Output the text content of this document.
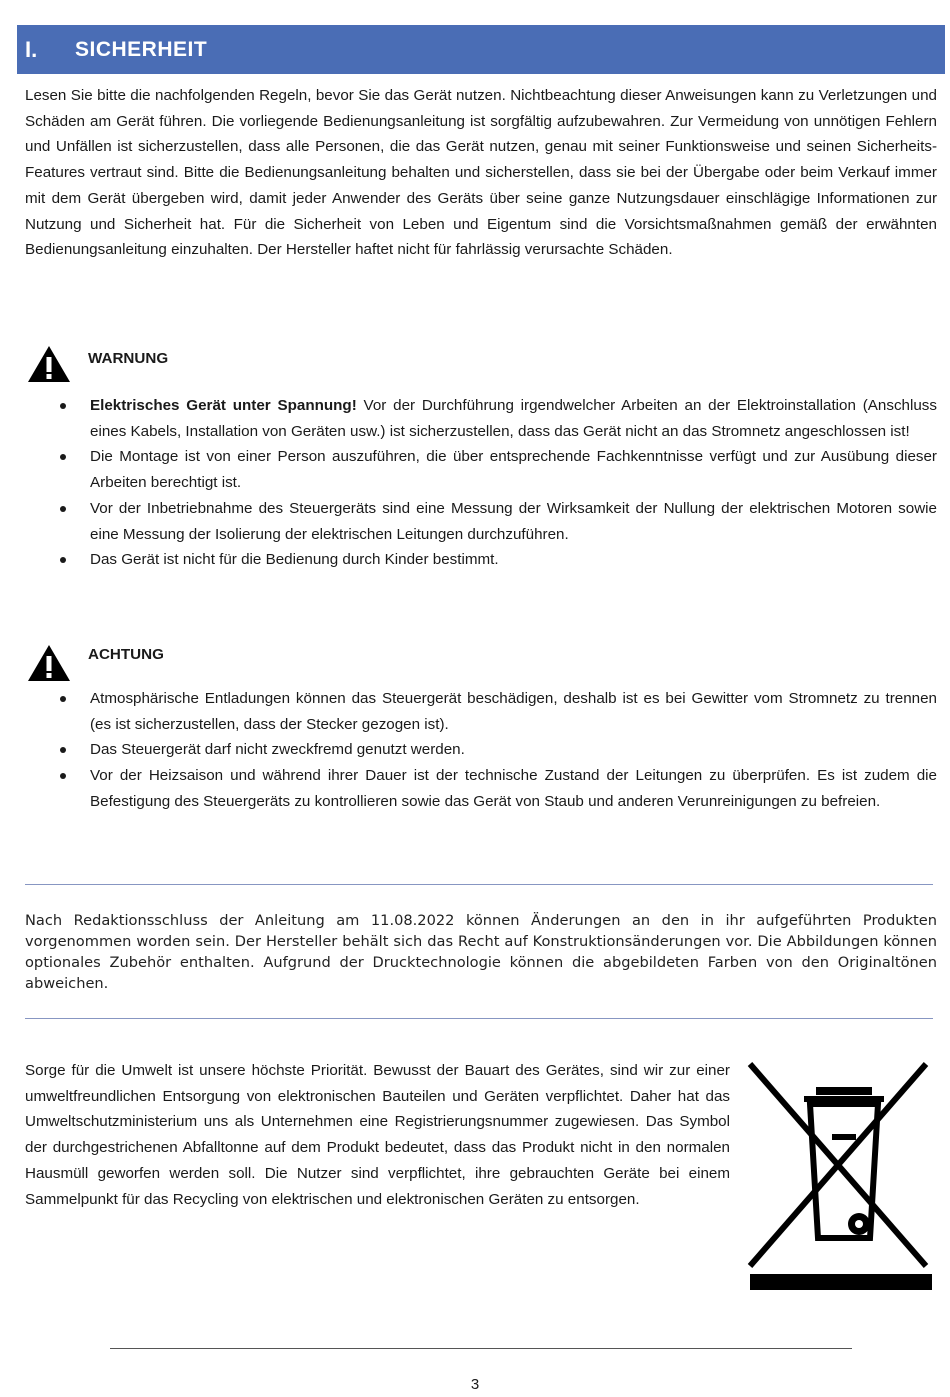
I.	SICHERHEIT
Lesen Sie bitte die nachfolgenden Regeln, bevor Sie das Gerät nutzen. Nichtbeachtung dieser Anweisungen kann zu Verletzungen und Schäden am Gerät führen. Die vorliegende Bedienungsanleitung ist sorgfältig aufzubewahren. Zur Vermeidung von unnötigen Fehlern und Unfällen ist sicherzustellen, dass alle Personen, die das Gerät nutzen, genau mit seiner Funktionsweise und seinen Sicherheits-Features vertraut sind. Bitte die Bedienungsanleitung behalten und sicherstellen, dass sie bei der Übergabe oder beim Verkauf immer mit dem Gerät übergeben wird, damit jeder Anwender des Geräts über seine ganze Nutzungsdauer einschlägige Informationen zur Nutzung und Sicherheit hat. Für die Sicherheit von Leben und Eigentum sind die Vorsichtsmaßnahmen gemäß der erwähnten Bedienungsanleitung einzuhalten. Der Hersteller haftet nicht für fahrlässig verursachte Schäden.
WARNUNG
Elektrisches Gerät unter Spannung! Vor der Durchführung irgendwelcher Arbeiten an der Elektroinstallation (Anschluss eines Kabels, Installation von Geräten usw.) ist sicherzustellen, dass das Gerät nicht an das Stromnetz angeschlossen ist!
Die Montage ist von einer Person auszuführen, die über entsprechende Fachkenntnisse verfügt und zur Ausübung dieser Arbeiten berechtigt ist.
Vor der Inbetriebnahme des Steuergeräts sind eine Messung der Wirksamkeit der Nullung der elektrischen Motoren sowie eine Messung der Isolierung der elektrischen Leitungen durchzuführen.
Das Gerät ist nicht für die Bedienung durch Kinder bestimmt.
ACHTUNG
Atmosphärische Entladungen können das Steuergerät beschädigen, deshalb ist es bei Gewitter vom Stromnetz zu trennen (es ist sicherzustellen, dass der Stecker gezogen ist).
Das Steuergerät darf nicht zweckfremd genutzt werden.
Vor der Heizsaison und während ihrer Dauer ist der technische Zustand der Leitungen zu überprüfen. Es ist zudem die Befestigung des Steuergeräts zu kontrollieren sowie das Gerät von Staub und anderen Verunreinigungen zu befreien.
Nach Redaktionsschluss der Anleitung am 11.08.2022 können Änderungen an den in ihr aufgeführten Produkten vorgenommen worden sein. Der Hersteller behält sich das Recht auf Konstruktionsänderungen vor. Die Abbildungen können optionales Zubehör enthalten. Aufgrund der Drucktechnologie können die abgebildeten Farben von den Originaltönen abweichen.
Sorge für die Umwelt ist unsere höchste Priorität. Bewusst der Bauart des Gerätes, sind wir zur einer umweltfreundlichen Entsorgung von elektronischen Bauteilen und Geräten verpflichtet. Daher hat das Umweltschutzministerium uns als Unternehmen eine Registrierungsnummer zugewiesen. Das Symbol der durchgestrichenen Abfalltonne auf dem Produkt bedeutet, dass das Produkt nicht in den normalen Hausmüll geworfen werden soll. Die Nutzer sind verpflichtet, ihre gebrauchten Geräte bei einem Sammelpunkt für das Recycling von elektrischen und elektronischen Geräten zu entsorgen.
3
